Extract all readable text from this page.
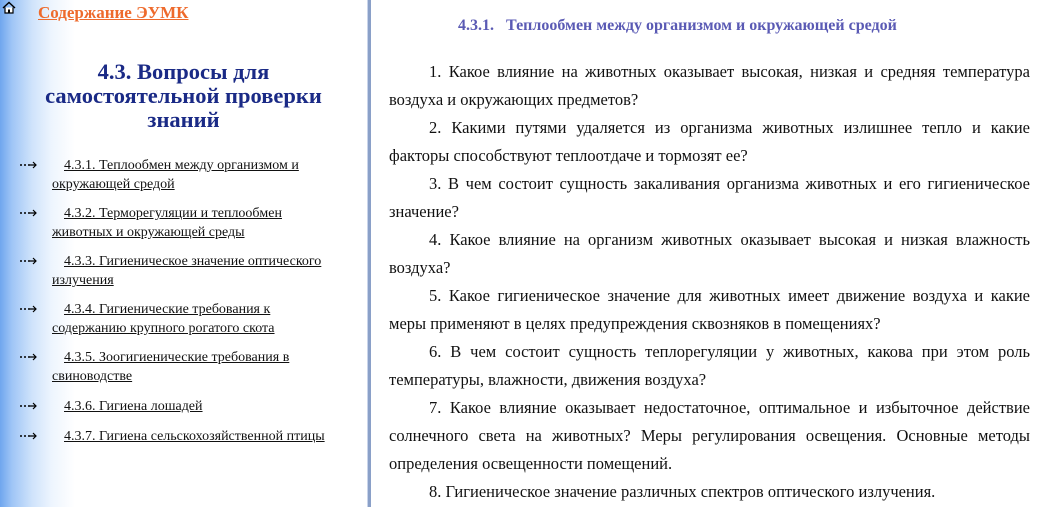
Содержание ЭУМК
4.3. Вопросы для самостоятельной проверки знаний
4.3.1. Теплообмен между организмом и окружающей средой
4.3.2. Терморегуляции и теплообмен животных и окружающей среды
4.3.3. Гигиеническое значение оптического излучения
4.3.4. Гигиенические требования к содержанию крупного рогатого скота
4.3.5. Зоогигиенические требования в свиноводстве
4.3.6. Гигиена лошадей
4.3.7. Гигиена сельскохозяйственной птицы
4.3.1.   Теплообмен между организмом и окружающей средой

1. Какое влияние на животных оказывает высокая, низкая и средняя температура воздуха и окружающих предметов?

2. Какими путями удаляется из организма животных излишнее тепло и какие факторы способствуют теплоотдаче и тормозят ее?

3. В чем состоит сущность закаливания организма животных и его гигиеническое значение?

4. Какое влияние на организм животных оказывает высокая и низкая влажность воздуха?

5. Какое гигиеническое значение для животных имеет движение воздуха и какие меры применяют в целях предупреждения сквозняков в помещениях?

6. В чем состоит сущность теплорегуляции у животных, какова при этом роль температуры, влажности, движения воздуха?

7. Какое влияние оказывает недостаточное, оптимальное и избыточное действие солнечного света на животных? Меры регулирования освещения. Основные методы определения освещенности помещений.

8. Гигиеническое значение различных спектров оптического излучения.
